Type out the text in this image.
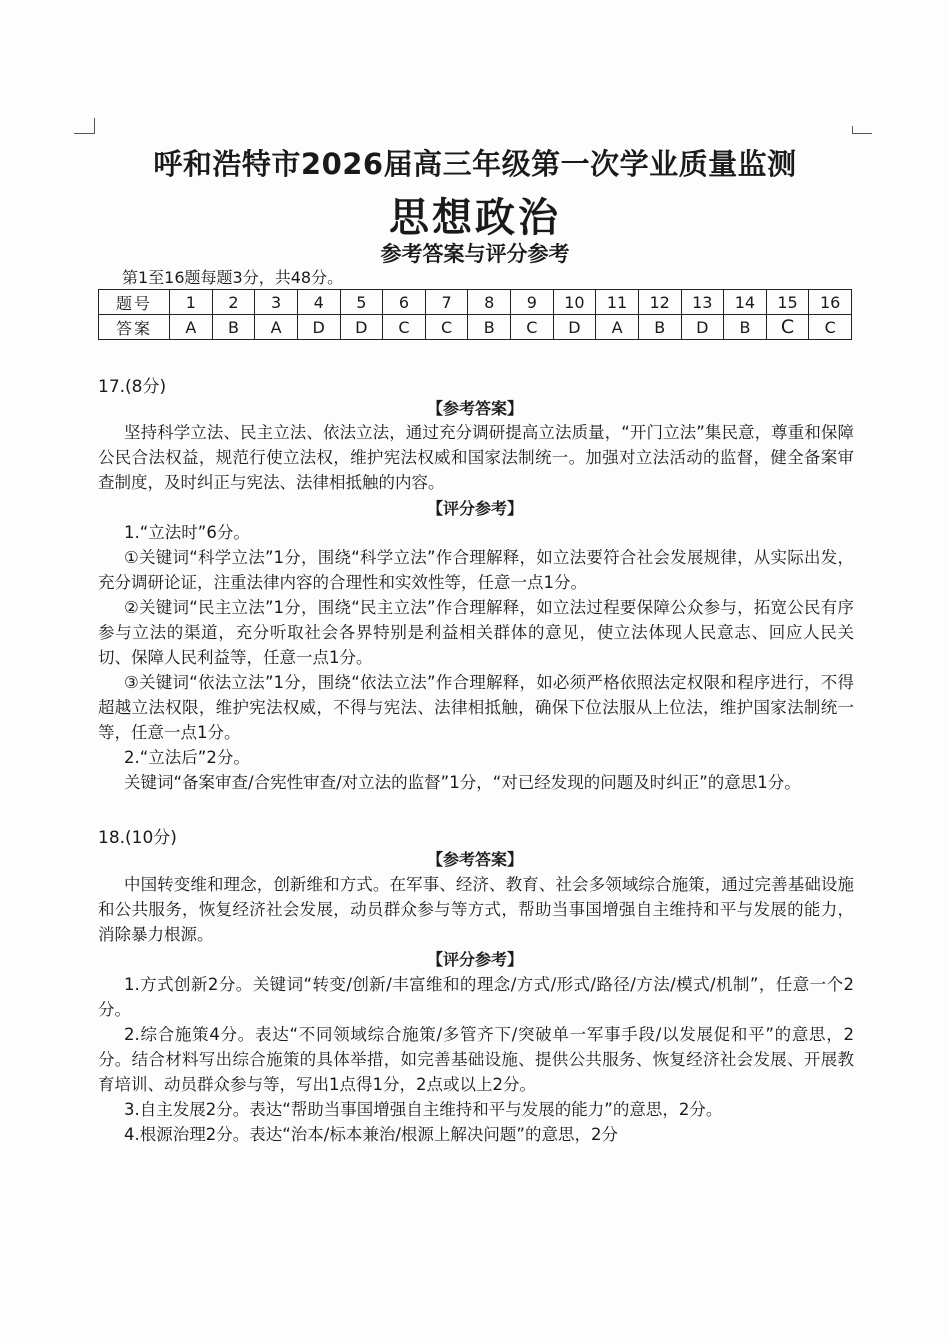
呼和浩特市2026届高三年级第一次学业质量监测
思想政治
参考答案与评分参考
第1至16题每题3分，共48分。
题号	1	2	3	4	5	6	7	8	9	10	11	12	13	14	15	16
答案	A	B	A	D	D	C	C	B	C	D	A	B	D	B	C	C
17.(8分)
【参考答案】

坚持科学立法、民主立法、依法立法，通过充分调研提高立法质量，“开门立法”集民意，尊重和保障公民合法权益，规范行使立法权，维护宪法权威和国家法制统一。加强对立法活动的监督，健全备案审查制度，及时纠正与宪法、法律相抵触的内容。

【评分参考】

1.“立法时”6分。

①关键词“科学立法”1分，围绕“科学立法”作合理解释，如立法要符合社会发展规律，从实际出发，充分调研论证，注重法律内容的合理性和实效性等，任意一点1分。

②关键词“民主立法”1分，围绕“民主立法”作合理解释，如立法过程要保障公众参与，拓宽公民有序参与立法的渠道，充分听取社会各界特别是利益相关群体的意见，使立法体现人民意志、回应人民关切、保障人民利益等，任意一点1分。

③关键词“依法立法”1分，围绕“依法立法”作合理解释，如必须严格依照法定权限和程序进行，不得超越立法权限，维护宪法权威，不得与宪法、法律相抵触，确保下位法服从上位法，维护国家法制统一等，任意一点1分。

2.“立法后”2分。

关键词“备案审查/合宪性审查/对立法的监督”1分，“对已经发现的问题及时纠正”的意思1分。

18.(10分)
【参考答案】

中国转变维和理念，创新维和方式。在军事、经济、教育、社会多领域综合施策，通过完善基础设施和公共服务，恢复经济社会发展，动员群众参与等方式，帮助当事国增强自主维持和平与发展的能力，消除暴力根源。

【评分参考】

1.方式创新2分。关键词“转变/创新/丰富维和的理念/方式/形式/路径/方法/模式/机制”，任意一个2分。

2.综合施策4分。表达“不同领域综合施策/多管齐下/突破单一军事手段/以发展促和平”的意思，2分。结合材料写出综合施策的具体举措，如完善基础设施、提供公共服务、恢复经济社会发展、开展教育培训、动员群众参与等，写出1点得1分，2点或以上2分。

3.自主发展2分。表达“帮助当事国增强自主维持和平与发展的能力”的意思，2分。

4.根源治理2分。表达“治本/标本兼治/根源上解决问题”的意思，2分
